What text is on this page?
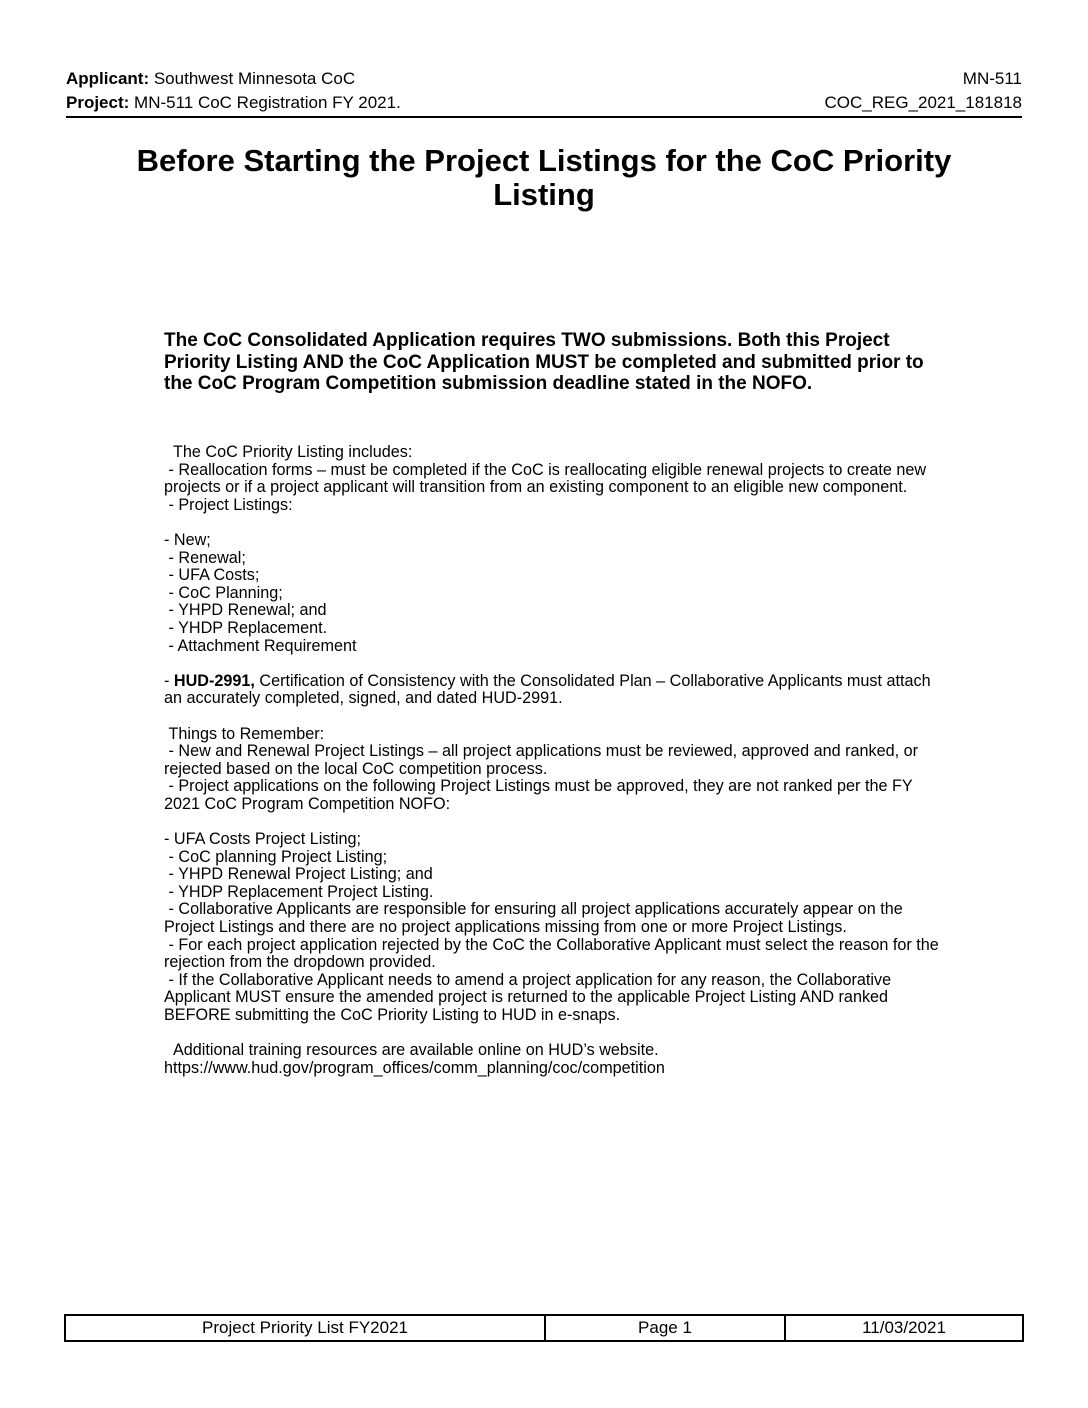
Applicant: Southwest Minnesota CoC	MN-511
Project: MN-511 CoC Registration FY 2021.	COC_REG_2021_181818
Before Starting the Project Listings for the CoC Priority Listing
The CoC Consolidated Application requires TWO submissions. Both this Project Priority Listing AND the CoC Application MUST be completed and submitted prior to the CoC Program Competition submission deadline stated in the NOFO.
The CoC Priority Listing includes:
- Reallocation forms – must be completed if the CoC is reallocating eligible renewal projects to create new projects or if a project applicant will transition from an existing component to an eligible new component.
- Project Listings:

- New;
- Renewal;
- UFA Costs;
- CoC Planning;
- YHPD Renewal; and
- YHDP Replacement.
- Attachment Requirement

- HUD-2991, Certification of Consistency with the Consolidated Plan – Collaborative Applicants must attach an accurately completed, signed, and dated HUD-2991.

Things to Remember:
- New and Renewal Project Listings – all project applications must be reviewed, approved and ranked, or rejected based on the local CoC competition process.
- Project applications on the following Project Listings must be approved, they are not ranked per the FY 2021 CoC Program Competition NOFO:

- UFA Costs Project Listing;
- CoC planning Project Listing;
- YHPD Renewal Project Listing; and
- YHDP Replacement Project Listing.
- Collaborative Applicants are responsible for ensuring all project applications accurately appear on the Project Listings and there are no project applications missing from one or more Project Listings.
- For each project application rejected by the CoC the Collaborative Applicant must select the reason for the rejection from the dropdown provided.
- If the Collaborative Applicant needs to amend a project application for any reason, the Collaborative Applicant MUST ensure the amended project is returned to the applicable Project Listing AND ranked BEFORE submitting the CoC Priority Listing to HUD in e-snaps.

Additional training resources are available online on HUD’s website.
https://www.hud.gov/program_offices/comm_planning/coc/competition
Project Priority List FY2021	Page 1	11/03/2021
